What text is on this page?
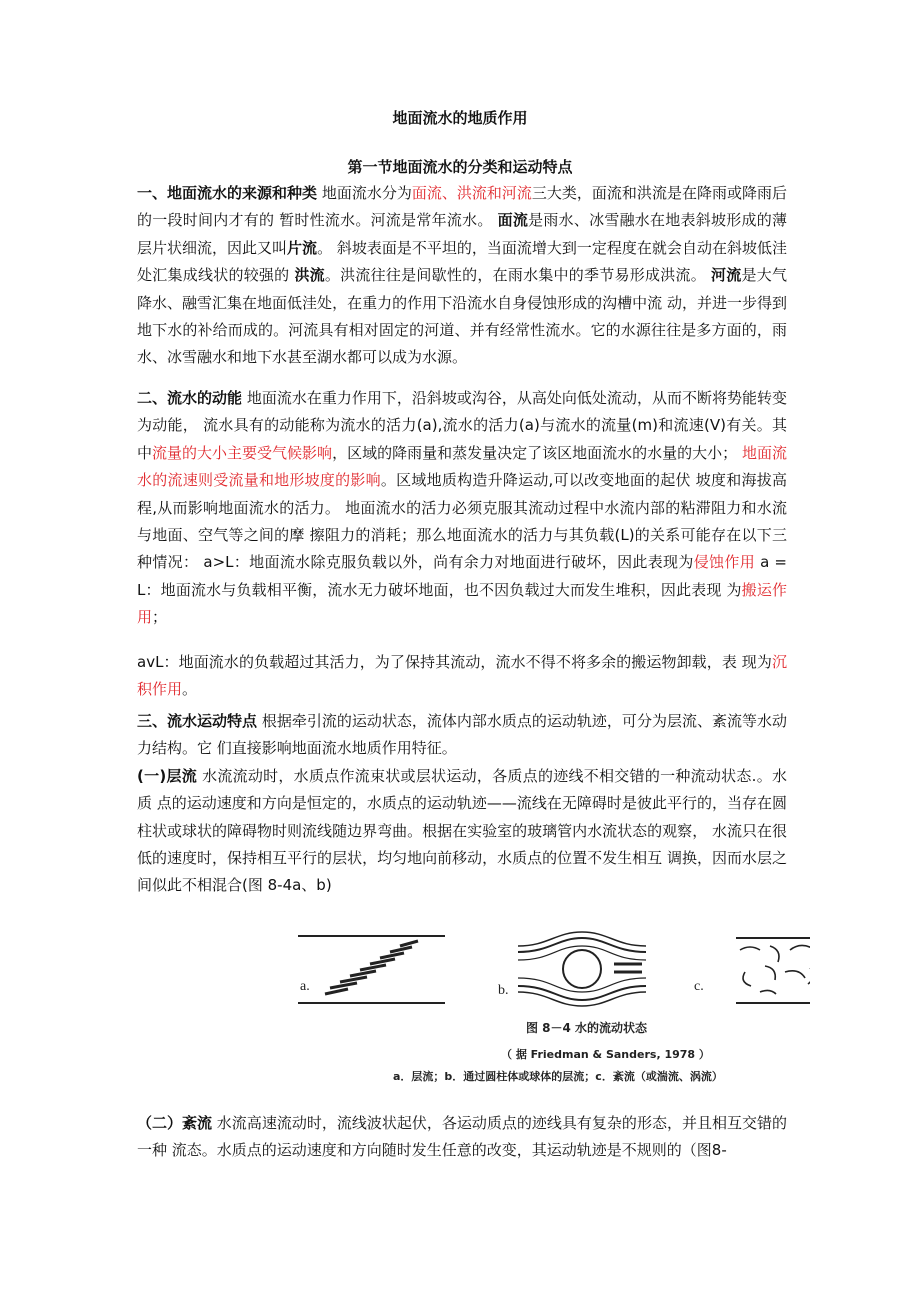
地面流水的地质作用
第一节地面流水的分类和运动特点
一、地面流水的来源和种类 地面流水分为面流、洪流和河流三大类，面流和洪流是在降雨或降雨后的一段时间内才有的 暂时性流水。河流是常年流水。 面流是雨水、冰雪融水在地表斜坡形成的薄层片状细流，因此又叫片流。 斜坡表面是不平坦的，当面流增大到一定程度在就会自动在斜坡低洼处汇集成线状的较强的 洪流。洪流往往是间歇性的，在雨水集中的季节易形成洪流。 河流是大气降水、融雪汇集在地面低洼处，在重力的作用下沿流水自身侵蚀形成的沟槽中流 动，并进一步得到地下水的补给而成的。河流具有相对固定的河道、并有经常性流水。它的水源往往是多方面的，雨水、冰雪融水和地下水甚至湖水都可以成为水源。
二、流水的动能 地面流水在重力作用下，沿斜坡或沟谷，从高处向低处流动，从而不断将势能转变为动能， 流水具有的动能称为流水的活力(a),流水的活力(a)与流水的流量(m)和流速(V)有关。其 中流量的大小主要受气候影响，区域的降雨量和蒸发量决定了该区地面流水的水量的大小； 地面流水的流速则受流量和地形坡度的影响。区域地质构造升降运动,可以改变地面的起伏 坡度和海拔高程,从而影响地面流水的活力。 地面流水的活力必须克服其流动过程中水流内部的粘滞阻力和水流与地面、空气等之间的摩 擦阻力的消耗；那么地面流水的活力与其负载(L)的关系可能存在以下三种情况： a>L：地面流水除克服负载以外，尚有余力对地面进行破坏，因此表现为侵蚀作用 a = L：地面流水与负载相平衡，流水无力破坏地面，也不因负载过大而发生堆积，因此表现 为搬运作用；
avL：地面流水的负载超过其活力，为了保持其流动，流水不得不将多余的搬运物卸载，表 现为沉积作用。
三、流水运动特点 根据牵引流的运动状态，流体内部水质点的运动轨迹，可分为层流、紊流等水动力结构。它 们直接影响地面流水地质作用特征。
(一)层流 水流流动时，水质点作流束状或层状运动，各质点的迹线不相交错的一种流动状态.。水质 点的运动速度和方向是恒定的，水质点的运动轨迹——流线在无障碍时是彼此平行的，当存在圆柱状或球状的障碍物时则流线随边界弯曲。根据在实验室的玻璃管内水流状态的观察， 水流只在很低的速度时，保持相互平行的层状，均匀地向前移动，水质点的位置不发生相互 调换，因而水层之间似此不相混合(图 8-4a、b)
a.	b.	c.
图 8－4 水的流动状态
（ 据 Friedman & Sanders, 1978 ）
a．层流；b．通过圆柱体或球体的层流；c．紊流（或湍流、涡流）
（二）紊流 水流高速流动时，流线波状起伏，各运动质点的迹线具有复杂的形态，并且相互交错的一种 流态。水质点的运动速度和方向随时发生任意的改变，其运动轨迹是不规则的（图8-
